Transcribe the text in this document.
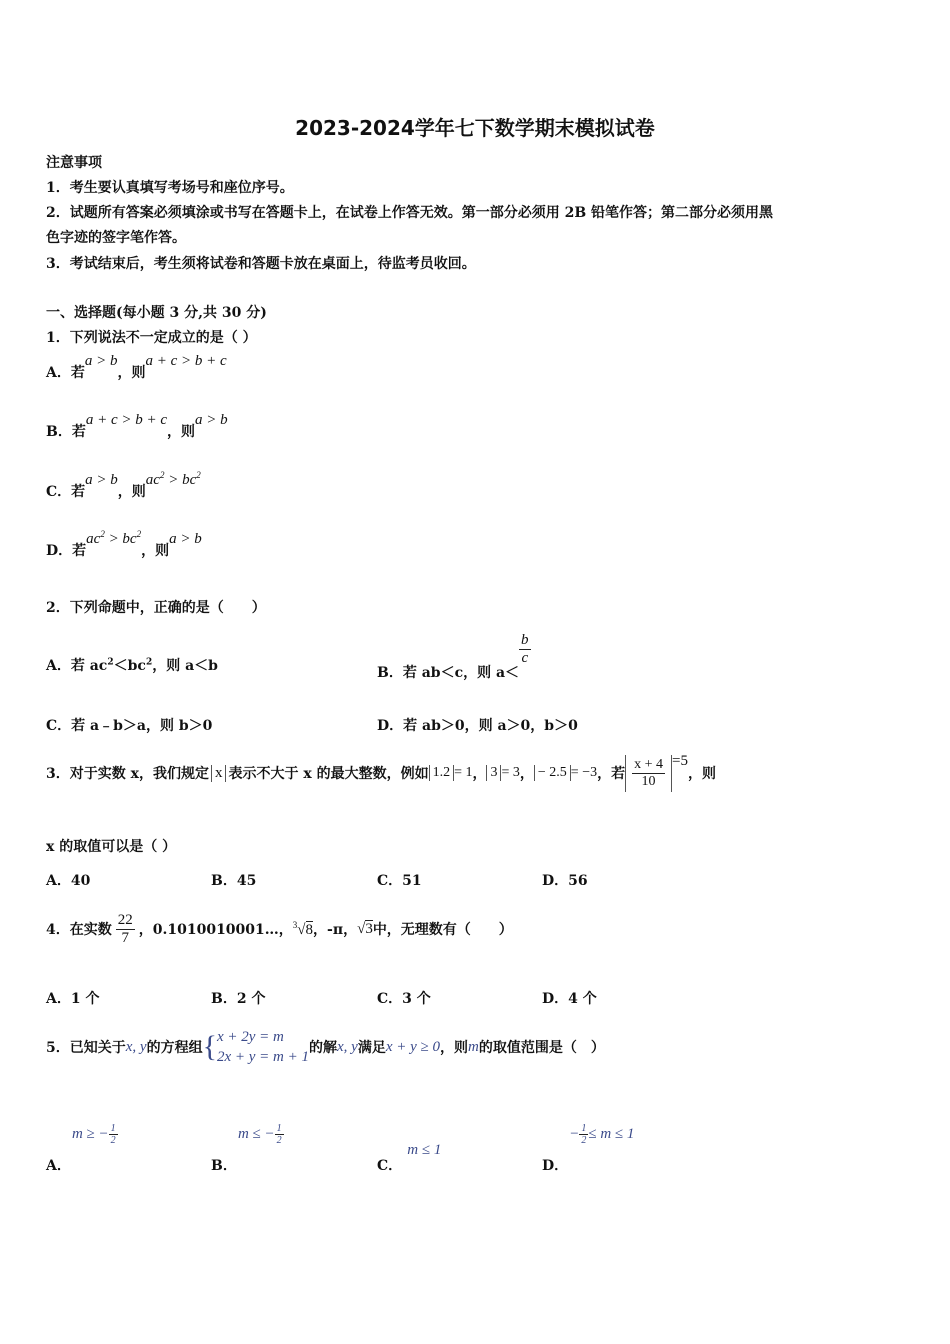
2023-2024学年七下数学期末模拟试卷
注意事项
1．考生要认真填写考场号和座位序号。
2．试题所有答案必须填涂或书写在答题卡上，在试卷上作答无效。第一部分必须用 2B 铅笔作答；第二部分必须用黑
色字迹的签字笔作答。
3．考试结束后，考生须将试卷和答题卡放在桌面上，待监考员收回。
一、选择题(每小题 3 分,共 30 分)
1．下列说法不一定成立的是（ ）
A．若a > b，则a + c > b + c
B．若a + c > b + c，则a > b
C．若a > b，则$ac^2 > bc^2$
D．若$ac^2 > bc^2$，则a > b
2．下列命题中，正确的是（　　）
A．若 $ac^2<bc^2$，则 a＜b	B．若 ab＜c，则 a＜
$\frac{b}{c}$
C．若 a﹣b＞a，则 b＞0	D．若 ab＞0，则 a＞0，b＞0
3．对于实数 x，我们规定 x 表示不大于 x 的最大整数，例如 1.2 = 1 ， 3 = 3 ， − 2.5 = −3 ，若 $\frac{x + 4}{10} =5$
，则
x 的取值可以是（ ）
A．40	B．45	C．51	D．56
4．在实数 $\frac{22}{7}$ ，0.1010010001…， $^3$√8 ，-π， √3 中，无理数有（　　）
A．1 个	B．2 个	C．3 个	D．4 个
5．已知关于 x, y 的方程组 { x + 2y = m
2x + y = m + 1
的解 x, y 满足 x + y ≥ 0 ，则 m 的取值范围是（　）
A． m ≥ − $\frac{1}{2}$
B． m ≤ − $\frac{1}{2}$
C． m ≤ 1
D． − $\frac{1}{2} \le m \le 1$
